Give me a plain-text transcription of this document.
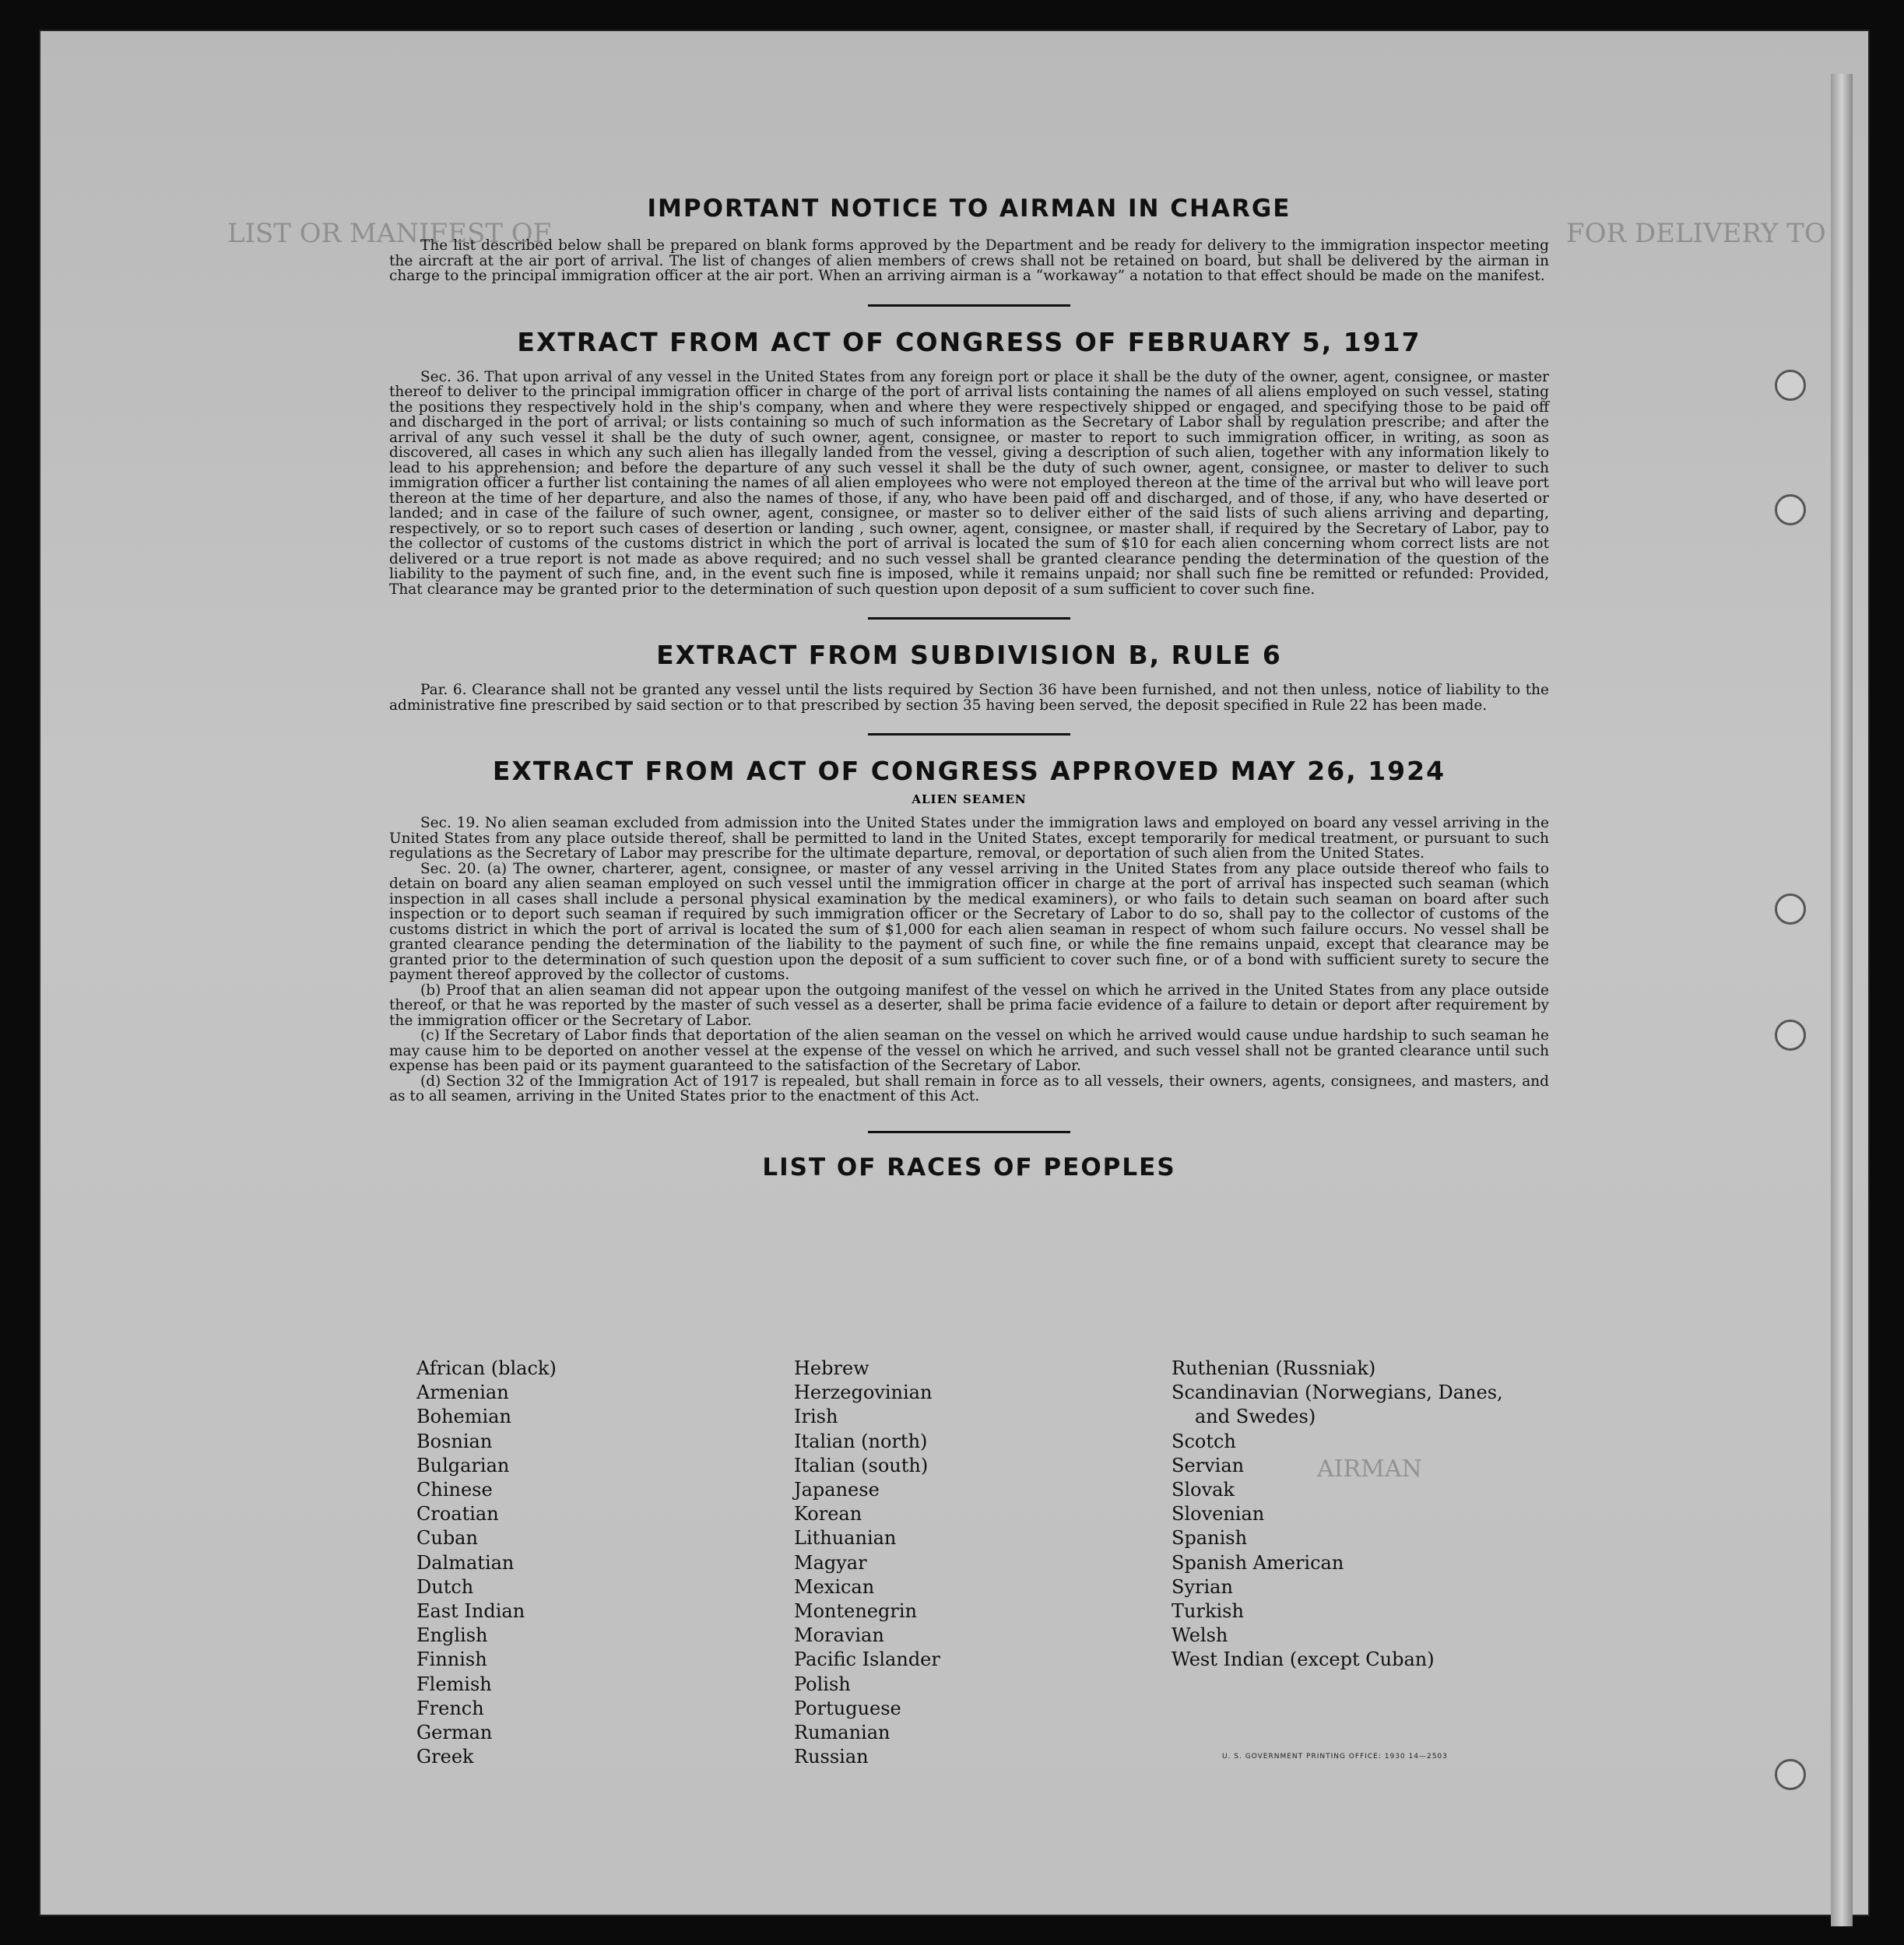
LIST OR MANIFEST OF	FOR DELIVERY TO
AIRMAN
IMPORTANT NOTICE TO AIRMAN IN CHARGE

The list described below shall be prepared on blank forms approved by the Department and be ready for delivery to the immigration inspector meeting the aircraft at the air port of arrival. The list of changes of alien members of crews shall not be retained on board, but shall be delivered by the airman in charge to the principal immigration officer at the air port. When an arriving airman is a “workaway” a notation to that effect should be made on the manifest.

EXTRACT FROM ACT OF CONGRESS OF FEBRUARY 5, 1917

Sec. 36. That upon arrival of any vessel in the United States from any foreign port or place it shall be the duty of the owner, agent, consignee, or master thereof to deliver to the principal immigration officer in charge of the port of arrival lists containing the names of all aliens employed on such vessel, stating the positions they respectively hold in the ship's company, when and where they were respectively shipped or engaged, and specifying those to be paid off and discharged in the port of arrival; or lists containing so much of such information as the Secretary of Labor shall by regulation prescribe; and after the arrival of any such vessel it shall be the duty of such owner, agent, consignee, or master to report to such immigration officer, in writing, as soon as discovered, all cases in which any such alien has illegally landed from the vessel, giving a description of such alien, together with any information likely to lead to his apprehension; and before the departure of any such vessel it shall be the duty of such owner, agent, consignee, or master to deliver to such immigration officer a further list containing the names of all alien employees who were not employed thereon at the time of the arrival but who will leave port thereon at the time of her departure, and also the names of those, if any, who have been paid off and discharged, and of those, if any, who have deserted or landed; and in case of the failure of such owner, agent, consignee, or master so to deliver either of the said lists of such aliens arriving and departing, respectively, or so to report such cases of desertion or landing , such owner, agent, consignee, or master shall, if required by the Secretary of Labor, pay to the collector of customs of the customs district in which the port of arrival is located the sum of $10 for each alien concerning whom correct lists are not delivered or a true report is not made as above required; and no such vessel shall be granted clearance pending the determination of the question of the liability to the payment of such fine, and, in the event such fine is imposed, while it remains unpaid; nor shall such fine be remitted or refunded: Provided, That clearance may be granted prior to the determination of such question upon deposit of a sum sufficient to cover such fine.

EXTRACT FROM SUBDIVISION B, RULE 6

Par. 6. Clearance shall not be granted any vessel until the lists required by Section 36 have been furnished, and not then unless, notice of liability to the administrative fine prescribed by said section or to that prescribed by section 35 having been served, the deposit specified in Rule 22 has been made.

EXTRACT FROM ACT OF CONGRESS APPROVED MAY 26, 1924
ALIEN SEAMEN

Sec. 19. No alien seaman excluded from admission into the United States under the immigration laws and employed on board any vessel arriving in the United States from any place outside thereof, shall be permitted to land in the United States, except temporarily for medical treatment, or pursuant to such regulations as the Secretary of Labor may prescribe for the ultimate departure, removal, or deportation of such alien from the United States.

Sec. 20. (a) The owner, charterer, agent, consignee, or master of any vessel arriving in the United States from any place outside thereof who fails to detain on board any alien seaman employed on such vessel until the immigration officer in charge at the port of arrival has inspected such seaman (which inspection in all cases shall include a personal physical examination by the medical examiners), or who fails to detain such seaman on board after such inspection or to deport such seaman if required by such immigration officer or the Secretary of Labor to do so, shall pay to the collector of customs of the customs district in which the port of arrival is located the sum of $1,000 for each alien seaman in respect of whom such failure occurs. No vessel shall be granted clearance pending the determination of the liability to the payment of such fine, or while the fine remains unpaid, except that clearance may be granted prior to the determination of such question upon the deposit of a sum sufficient to cover such fine, or of a bond with sufficient surety to secure the payment thereof approved by the collector of customs.

(b) Proof that an alien seaman did not appear upon the outgoing manifest of the vessel on which he arrived in the United States from any place outside thereof, or that he was reported by the master of such vessel as a deserter, shall be prima facie evidence of a failure to detain or deport after requirement by the immigration officer or the Secretary of Labor.

(c) If the Secretary of Labor finds that deportation of the alien seaman on the vessel on which he arrived would cause undue hardship to such seaman he may cause him to be deported on another vessel at the expense of the vessel on which he arrived, and such vessel shall not be granted clearance until such expense has been paid or its payment guaranteed to the satisfaction of the Secretary of Labor.

(d) Section 32 of the Immigration Act of 1917 is repealed, but shall remain in force as to all vessels, their owners, agents, consignees, and masters, and as to all seamen, arriving in the United States prior to the enactment of this Act.

LIST OF RACES OF PEOPLES
African (black)
Armenian
Bohemian
Bosnian
Bulgarian
Chinese
Croatian
Cuban
Dalmatian
Dutch
East Indian
English
Finnish
Flemish
French
German
Greek
Hebrew
Herzegovinian
Irish
Italian (north)
Italian (south)
Japanese
Korean
Lithuanian
Magyar
Mexican
Montenegrin
Moravian
Pacific Islander
Polish
Portuguese
Rumanian
Russian
Ruthenian (Russniak)
Scandinavian (Norwegians, Danes,
and Swedes)
Scotch
Servian
Slovak
Slovenian
Spanish
Spanish American
Syrian
Turkish
Welsh
West Indian (except Cuban)
U. S. GOVERNMENT PRINTING OFFICE: 1930 14—2503
